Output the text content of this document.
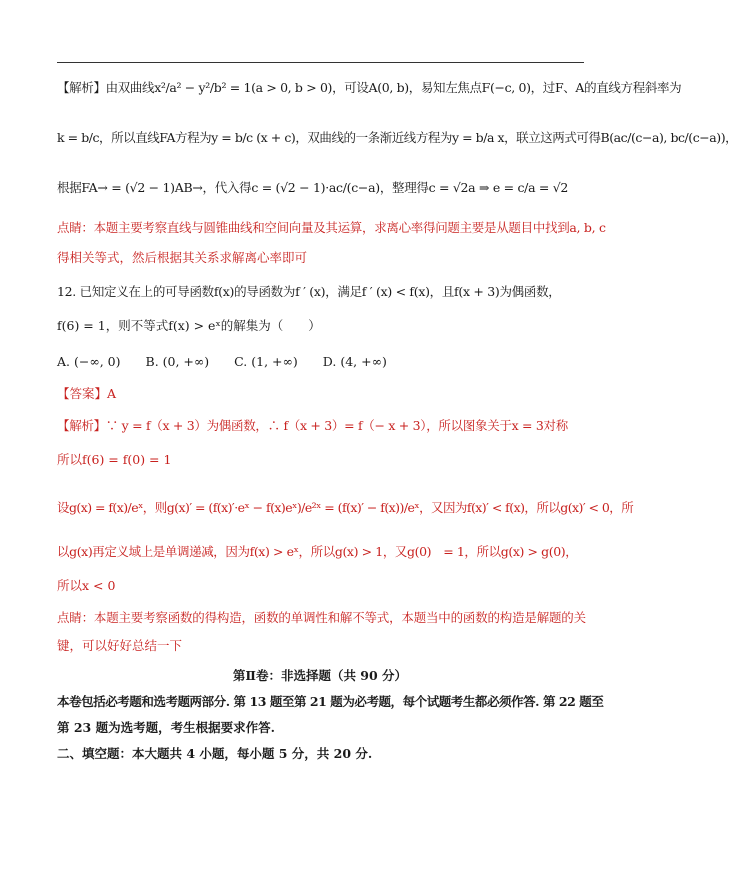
【解析】由双曲线x²/a² − y²/b² = 1(a > 0, b > 0)，可设A(0, b)，易知左焦点F(−c, 0)，过F、A的直线方程斜率为
k = b/c，所以直线FA方程为y = b/c (x + c)，双曲线的一条渐近线方程为y = b/a x，联立这两式可得B(ac/(c−a), bc/(c−a))，
根据FA→ = (√2 − 1)AB→，代入得c = (√2 − 1)·ac/(c−a)，整理得c = √2a ⇒ e = c/a = √2
点睛：本题主要考察直线与圆锥曲线和空间向量及其运算，求离心率得问题主要是从题目中找到a, b, c
得相关等式，然后根据其关系求解离心率即可
12. 已知定义在上的可导函数f(x)的导函数为f ′ (x)，满足f ′ (x) < f(x)，且f(x + 3)为偶函数，
f(6) = 1，则不等式f(x) > eˣ的解集为（　　）
A. (−∞, 0)　　B. (0, +∞)　　C. (1, +∞)　　D. (4, +∞)
【答案】A
【解析】∵ y = f（x + 3）为偶函数，∴ f（x + 3）= f（− x + 3），所以图象关于x = 3对称
所以f(6) = f(0) = 1
设g(x) = f(x)/eˣ，则g(x)′ = (f(x)′·eˣ − f(x)eˣ)/e²ˣ = (f(x)′ − f(x))/eˣ，又因为f(x)′ < f(x)，所以g(x)′ < 0，所
以g(x)再定义域上是单调递减，因为f(x) > eˣ，所以g(x) > 1，又g(0)　= 1，所以g(x) > g(0)，
所以x < 0
点睛：本题主要考察函数的得构造，函数的单调性和解不等式，本题当中的函数的构造是解题的关
键，可以好好总结一下
第Ⅱ卷：非选择题（共 90 分）
本卷包括必考题和选考题两部分. 第 13 题至第 21 题为必考题，每个试题考生都必须作答. 第 22 题至
第 23 题为选考题，考生根据要求作答.
二、填空题：本大题共 4 小题，每小题 5 分，共 20 分.
